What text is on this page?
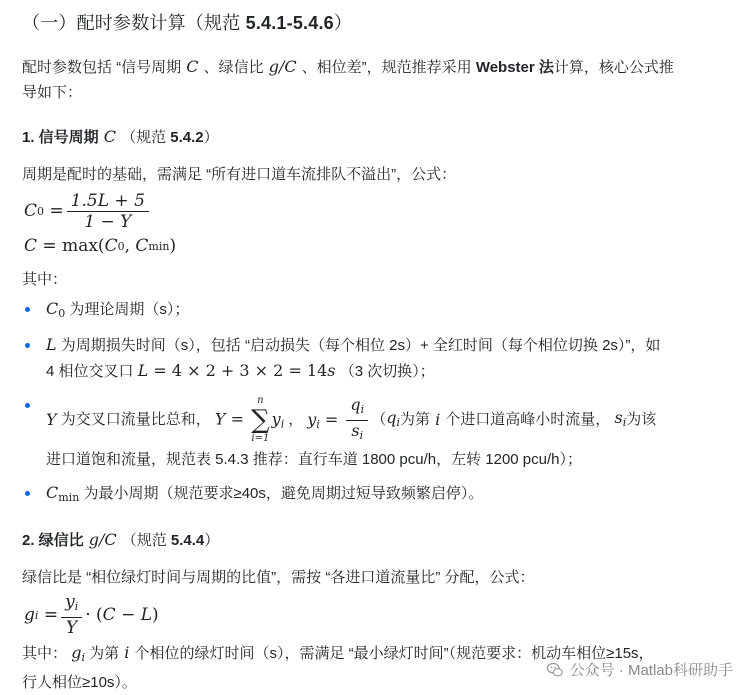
（一）配时参数计算（规范 5.4.1-5.4.6）

配时参数包括 “信号周期 C 、绿信比 g/C 、相位差”，规范推荐采用 Webster 法计算，核心公式推
导如下：

1. 信号周期 C （规范 5.4.2）

周期是配时的基础，需满足 “所有进口道车流排队不溢出”，公式：

C 0
= $\frac{1.5L + 5}{1 - Y}$
C =
max( C 0 , C min )

其中：

$C_0$ 为理论周期（s）；
L 为周期损失时间（s），包括 “启动损失（每个相位 2s）+ 全红时间（每个相位切换 2s）”，如
4 相位交叉口 L = 4 × 2 + 3 × 2 = 14s （3 次切换）；
Y
为交叉口流量比总和，
Y =
n
∑
i=1
$y_i$ ， $y_i = \frac{q_i}{s_i}$ （ $q_i$ 为第 i 个进口道高峰小时流量，
$s_i$ 为该
进口道饱和流量，规范表 5.4.3 推荐：直行车道 1800 pcu/h，左转 1200 pcu/h）；
$C_{min}$ 为最小周期（规范要求≥40s，避免周期过短导致频繁启停）。
2. 绿信比 g/C （规范 5.4.4）

绿信比是 “相位绿灯时间与周期的比值”，需按 “各进口道流量比” 分配，公式：

g i
= $\frac{y_i}{Y}$ · ( C − L )

其中： $g_i$ 为第 i 个相位的绿灯时间（s），需满足 “最小绿灯时间”（规范要求：机动车相位≥15s，
行人相位≥10s）。

公众号 · Matlab科研助手
